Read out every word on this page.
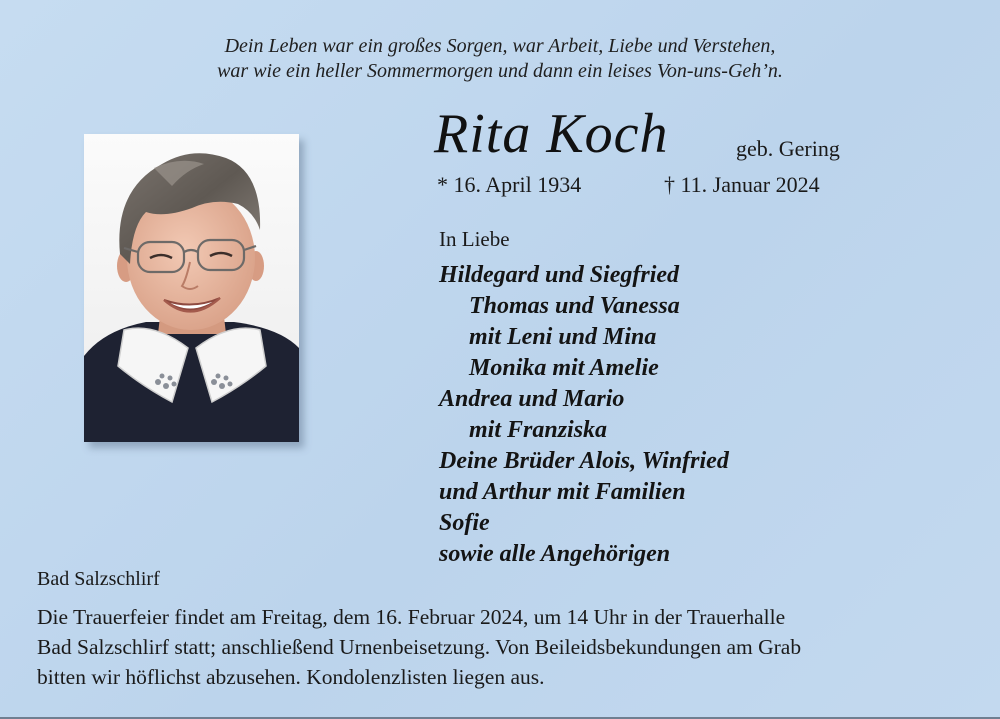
Dein Leben war ein großes Sorgen, war Arbeit, Liebe und Verstehen,
war wie ein heller Sommermorgen und dann ein leises Von-uns-Geh’n.
Rita Koch	geb. Gering
* 16. April 1934	† 11. Januar 2024
In Liebe
Hildegard und Siegfried
Thomas und Vanessa
mit Leni und Mina
Monika mit Amelie
Andrea und Mario
mit Franziska
Deine Brüder Alois, Winfried
und Arthur mit Familien
Sofie
sowie alle Angehörigen
Bad Salzschlirf
Die Trauerfeier findet am Freitag, dem 16. Februar 2024, um 14 Uhr in der Trauerhalle
Bad Salzschlirf statt; anschließend Urnenbeisetzung. Von Beileidsbekundungen am Grab
bitten wir höflichst abzusehen. Kondolenzlisten liegen aus.
